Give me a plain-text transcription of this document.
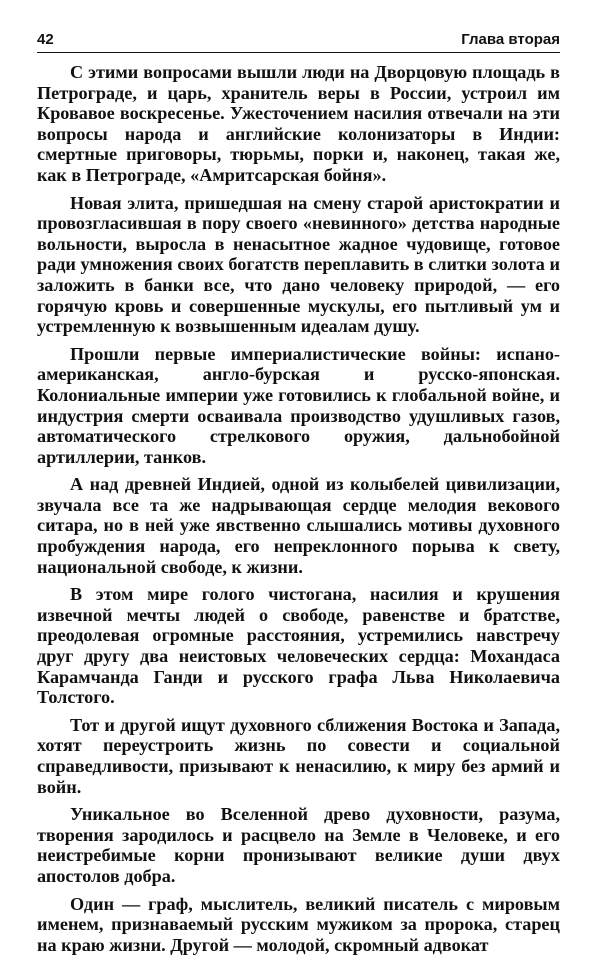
42	Глава вторая

С этими вопросами вышли люди на Дворцовую площадь в Петрограде, и царь, хранитель веры в России, устроил им Кровавое воскресенье. Ужесточением насилия отвечали на эти вопросы народа и английские колонизаторы в Индии: смертные приговоры, тюрьмы, порки и, наконец, такая же, как в Петрограде, «Амритсарская бойня».

Новая элита, пришедшая на смену старой аристократии и провозгласившая в пору своего «невинного» детства народные вольности, выросла в ненасытное жадное чудовище, готовое ради умножения своих богатств переплавить в слитки золота и заложить в банки все, что дано человеку природой, — его горячую кровь и совершенные мускулы, его пытливый ум и устремленную к возвышенным идеалам душу.

Прошли первые империалистические войны: испано-американская, англо-бурская и русско-японская. Колониальные империи уже готовились к глобальной войне, и индустрия смерти осваивала производство удушливых газов, автоматического стрелкового оружия, дальнобойной артиллерии, танков.

А над древней Индией, одной из колыбелей цивилизации, звучала все та же надрывающая сердце мелодия векового ситара, но в ней уже явственно слышались мотивы духовного пробуждения народа, его непреклонного порыва к свету, национальной свободе, к жизни.

В этом мире голого чистогана, насилия и крушения извечной мечты людей о свободе, равенстве и братстве, преодолевая огромные расстояния, устремились навстречу друг другу два неистовых человеческих сердца: Мохандаса Карамчанда Ганди и русского графа Льва Николаевича Толстого.

Тот и другой ищут духовного сближения Востока и Запада, хотят переустроить жизнь по совести и социальной справедливости, призывают к ненасилию, к миру без армий и войн.

Уникальное во Вселенной древо духовности, разума, творения зародилось и расцвело на Земле в Человеке, и его неистребимые корни пронизывают великие души двух апостолов добра.

Один — граф, мыслитель, великий писатель с мировым именем, признаваемый русским мужиком за пророка, старец на краю жизни. Другой — молодой, скромный адвокат
